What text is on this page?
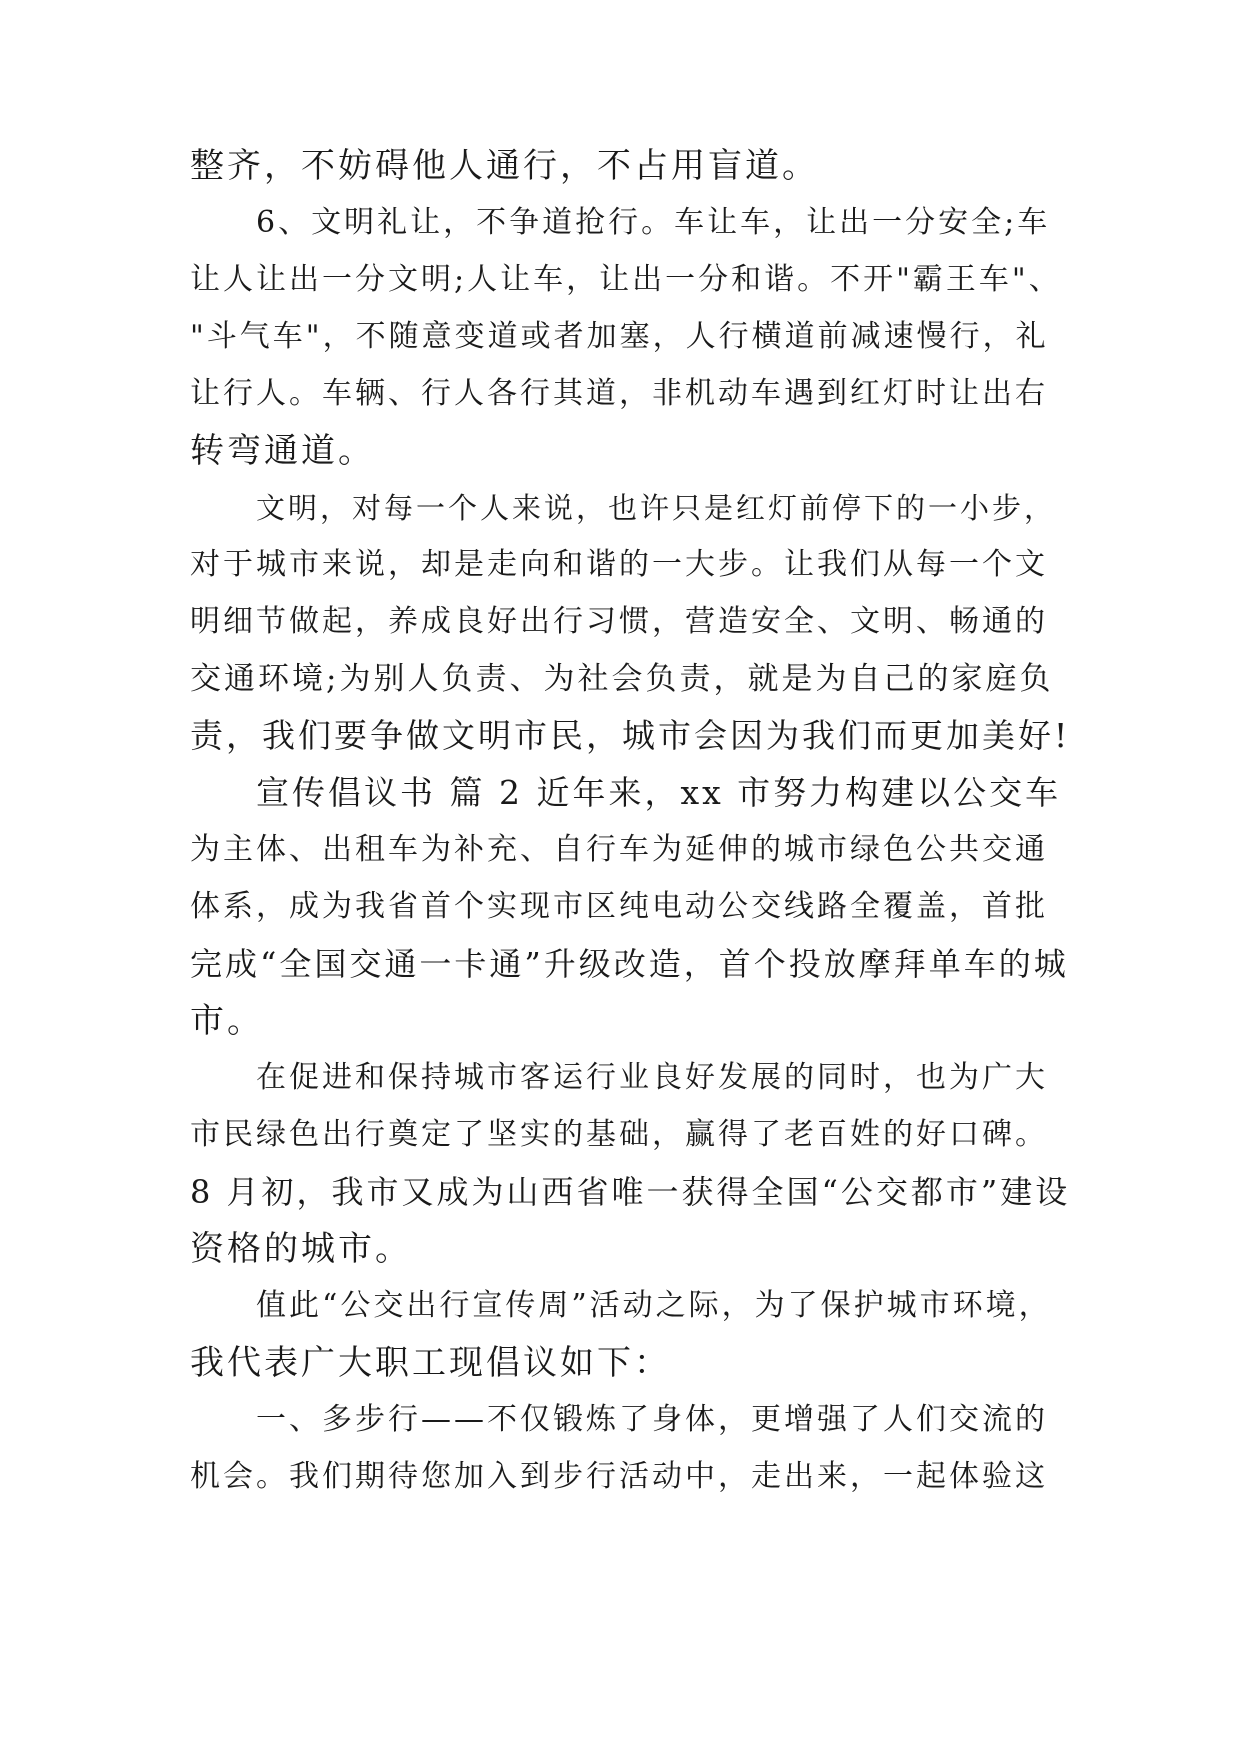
整齐，不妨碍他人通行，不占用盲道。
6、文明礼让，不争道抢行。车让车，让出一分安全;车
让人让出一分文明;人让车，让出一分和谐。不开"霸王车"、
"斗气车"，不随意变道或者加塞，人行横道前减速慢行，礼
让行人。车辆、行人各行其道，非机动车遇到红灯时让出右
转弯通道。
文明，对每一个人来说，也许只是红灯前停下的一小步，
对于城市来说，却是走向和谐的一大步。让我们从每一个文
明细节做起，养成良好出行习惯，营造安全、文明、畅通的
交通环境;为别人负责、为社会负责，就是为自己的家庭负
责，我们要争做文明市民，城市会因为我们而更加美好!
宣传倡议书 篇 2 近年来，xx 市努力构建以公交车
为主体、出租车为补充、自行车为延伸的城市绿色公共交通
体系，成为我省首个实现市区纯电动公交线路全覆盖，首批
完成“全国交通一卡通”升级改造，首个投放摩拜单车的城
市。
在促进和保持城市客运行业良好发展的同时，也为广大
市民绿色出行奠定了坚实的基础，赢得了老百姓的好口碑。
8 月初，我市又成为山西省唯一获得全国“公交都市”建设
资格的城市。
值此“公交出行宣传周”活动之际，为了保护城市环境，
我代表广大职工现倡议如下：
一、多步行——不仅锻炼了身体，更增强了人们交流的
机会。我们期待您加入到步行活动中，走出来，一起体验这
